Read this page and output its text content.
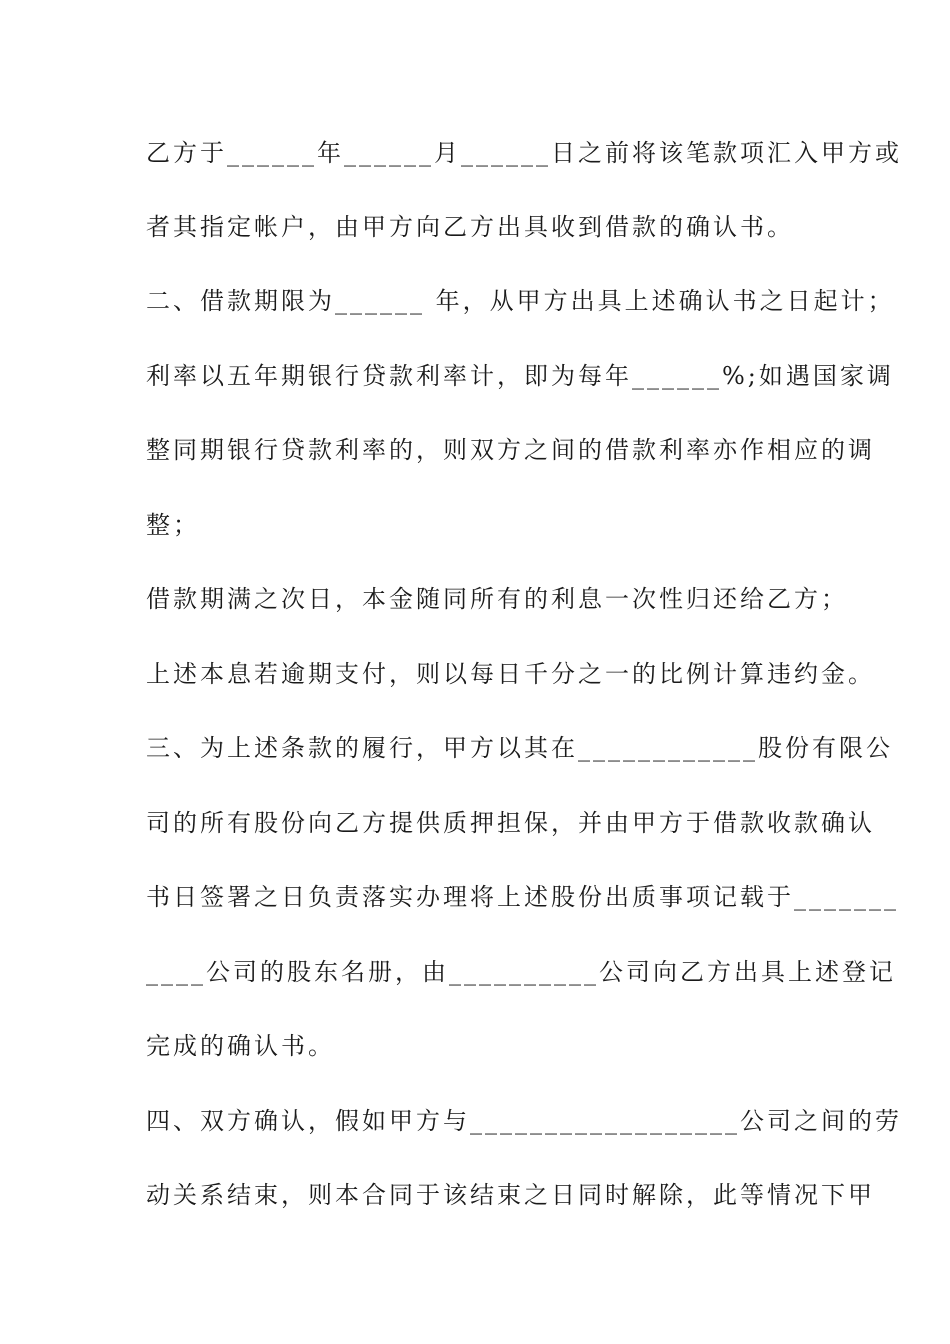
乙方于______年______月______日之前将该笔款项汇入甲方或
者其指定帐户，由甲方向乙方出具收到借款的确认书。
二、借款期限为______ 年，从甲方出具上述确认书之日起计；
利率以五年期银行贷款利率计，即为每年______%;如遇国家调
整同期银行贷款利率的，则双方之间的借款利率亦作相应的调
整；
借款期满之次日，本金随同所有的利息一次性归还给乙方；
上述本息若逾期支付，则以每日千分之一的比例计算违约金。
三、为上述条款的履行，甲方以其在____________股份有限公
司的所有股份向乙方提供质押担保，并由甲方于借款收款确认
书日签署之日负责落实办理将上述股份出质事项记载于_______
____公司的股东名册，由__________公司向乙方出具上述登记
完成的确认书。
四、双方确认，假如甲方与__________________公司之间的劳
动关系结束，则本合同于该结束之日同时解除，此等情况下甲
